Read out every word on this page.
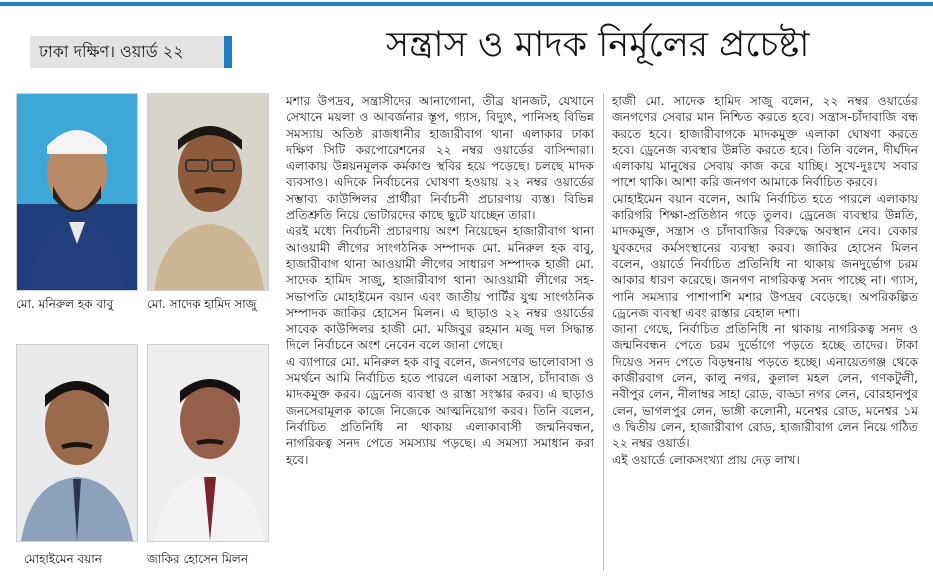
ঢাকা দক্ষিণ। ওয়ার্ড ২২	সন্ত্রাস ও মাদক নির্মূলের প্রচেষ্টা
মো. মনিরুল হক বাবু	মো. সাদেক হামিদ সাজু
মোহাইমেন বয়ান	জাকির হোসেন মিলন

মশার উপদ্রব, সন্ত্রাসীদের আনাগোনা, তীব্র যানজট, যেখানে সেখানে ময়লা ও আবর্জনার স্তূপ, গ্যাস, বিদ্যুৎ, পানিসহ বিভিন্ন সমস্যায় অতিষ্ঠ রাজধানীর হাজারীবাগ থানা এলাকার ঢাকা দক্ষিণ সিটি করপোরেশনের ২২ নম্বর ওয়ার্ডের বাসিন্দারা। এলাকায় উন্নয়নমূলক কর্মকাণ্ড স্থবির হয়ে পড়েছে। চলছে মাদক ব্যবসাও। এদিকে নির্বাচনের ঘোষণা হওয়ায় ২২ নম্বর ওয়ার্ডের সম্ভাব্য কাউন্সিলর প্রার্থীরা নির্বাচনী প্রচারণায় ব্যস্ত। বিভিন্ন প্রতিশ্রুতি নিয়ে ভোটারদের কাছে ছুটে যাচ্ছেন তারা।

এরই মধ্যে নির্বাচনী প্রচারণায় অংশ নিয়েছেন হাজারীবাগ থানা আওয়ামী লীগের সাংগঠনিক সম্পাদক মো. মনিরুল হক বাবু, হাজারীবাগ থানা আওয়ামী লীগের সাধারণ সম্পাদক হাজী মো. সাদেক হামিদ সাজু, হাজারীবাগ থানা আওয়ামী লীগের সহ-সভাপতি মোহাইমেন বয়ান এবং জাতীয় পার্টির যুগ্ম সাংগঠনিক সম্পাদক জাকির হোসেন মিলন। এ ছাড়াও ২২ নম্বর ওয়ার্ডের সাবেক কাউন্সিলর হাজী মো. মজিবুর রহমান মজু দল সিদ্ধান্ত দিলে নির্বাচনে অংশ নেবেন বলে জানা গেছে।

এ ব্যাপারে মো. মনিরুল হক বাবু বলেন, জনগণের ভালোবাসা ও সমর্থনে আমি নির্বাচিত হতে পারলে এলাকা সন্ত্রাস, চাঁদাবাজ ও মাদকমুক্ত করব। ড্রেনেজ ব্যবস্থা ও রাস্তা সংস্কার করব। এ ছাড়াও জনসেবামূলক কাজে নিজেকে আত্মনিয়োগ করব। তিনি বলেন, নির্বাচিত প্রতিনিধি না থাকায় এলাকাবাসী জন্মনিবন্ধন, নাগরিকত্ব সনদ পেতে সমস্যায় পড়ছে। এ সমস্যা সমাধান করা হবে।

হাজী মো. সাদেক হামিদ সাজু বলেন, ২২ নম্বর ওয়ার্ডের জনগণের সেবার মান নিশ্চিত করতে হবে। সন্ত্রাস-চাঁদাবাজি বন্ধ করতে হবে। হাজারীবাগকে মাদকমুক্ত এলাকা ঘোষণা করতে হবে। ড্রেনেজ ব্যবস্থার উন্নতি করতে হবে। তিনি বলেন, দীর্ঘদিন এলাকায় মানুষের সেবায় কাজ করে যাচ্ছি। সুখে-দুঃখে সবার পাশে থাকি। আশা করি জনগণ আমাকে নির্বাচিত করবে।

মোহাইমেন বয়ান বলেন, আমি নির্বাচিত হতে পারলে এলাকায় কারিগরি শিক্ষা-প্রতিষ্ঠান গড়ে তুলব। ড্রেনেজ ব্যবস্থার উন্নতি, মাদকমুক্ত, সন্ত্রাস ও চাঁদাবাজির বিরুদ্ধে অবস্থান নেব। বেকার যুবকদের কর্মসংস্থানের ব্যবস্থা করব। জাকির হোসেন মিলন বলেন, ওয়ার্ডে নির্বাচিত প্রতিনিধি না থাকায় জনদুর্ভোগ চরম আকার ধারণ করেছে। জনগণ নাগরিকত্ব সনদ পাচ্ছে না। গ্যাস, পানি সমস্যার পাশাপাশি মশার উপদ্রব বেড়েছে। অপরিকল্পিত ড্রেনেজ ব্যবস্থা এবং রাস্তার বেহাল দশা।

জানা গেছে, নির্বাচিত প্রতিনিধি না থাকায় নাগরিকত্ব সনদ ও জন্মনিবন্ধন পেতে চরম দুর্ভোগে পড়তে হচ্ছে তাদের। টাকা দিয়েও সনদ পেতে বিড়ম্বনায় পড়তে হচ্ছে। এনায়েতগঞ্জ থেকে কাজীরবাগ লেন, কালু নগর, কুলাল মহল লেন, গণকটুলী, নবীপুর লেন, নীলাম্বর সাহা রোড, বাড্ডা নগর লেন, বোরহানপুর লেন, ভাগলপুর লেন, ভাঙ্গী কলোনী, মনেশ্বর রোড, মনেশ্বর ১ম ও দ্বিতীয় লেন, হাজারীবাগ রোড, হাজারীবাগ লেন নিয়ে গঠিত ২২ নম্বর ওয়ার্ড।

এই ওয়ার্ডে লোকসংখ্যা প্রায় দেড় লাখ।
